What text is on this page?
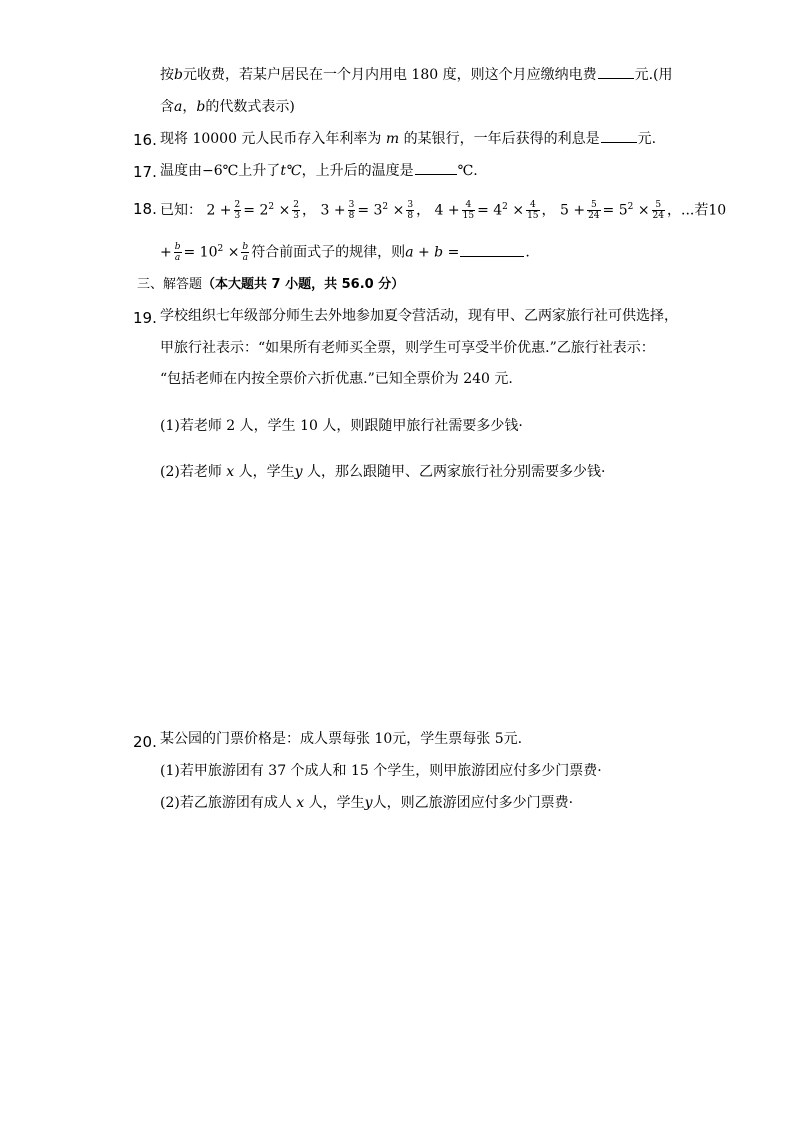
按b元收费，若某户居民在一个月内用电 180 度，则这个月应缴纳电费	元.(用
含a，b的代数式表示)
16. 现将 10000 元人民币存入年利率为 m 的某银行，一年后获得的利息是	元.
17. 温度由−6℃上升了t℃，上升后的温度是	℃.
18. 已知： $2 + \frac{2}{3} = 2^2 \times \frac{2}{3}$ ， $3 + \frac{3}{8} = 3^2 \times \frac{3}{8}$ ， $4 + \frac{4}{15} = 4^2 \times \frac{4}{15}$ ， $5 + \frac{5}{24} = 5^2 \times \frac{5}{24}$ ，...若10
+ $\frac{b}{a} = 10^2 \times \frac{b}{a}$ 符合前面式子的规律，则a + b =	.
三、解答题（本大题共 7 小题，共 56.0 分）
19. 学校组织七年级部分师生去外地参加夏令营活动，现有甲、乙两家旅行社可供选择，
甲旅行社表示：“如果所有老师买全票，则学生可享受半价优惠.”乙旅行社表示：
“包括老师在内按全票价六折优惠.”已知全票价为 240 元.
(1)若老师 2 人，学生 10 人，则跟随甲旅行社需要多少钱·
(2)若老师 x 人，学生y 人，那么跟随甲、乙两家旅行社分别需要多少钱·
20. 某公园的门票价格是：成人票每张 10元，学生票每张 5元.
(1)若甲旅游团有 37 个成人和 15 个学生，则甲旅游团应付多少门票费·
(2)若乙旅游团有成人 x 人，学生y人，则乙旅游团应付多少门票费·
